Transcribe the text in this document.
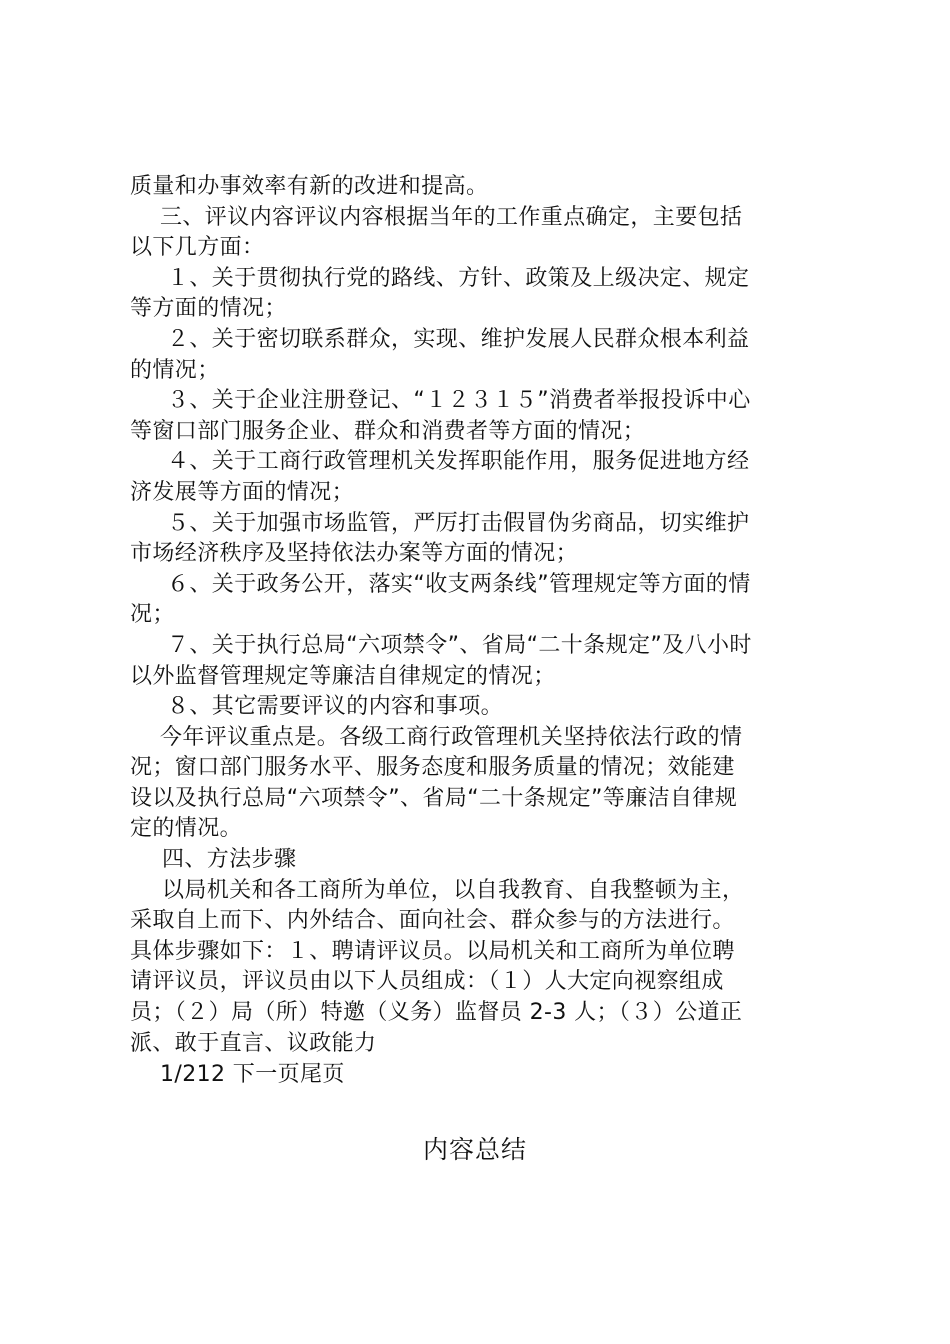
质量和办事效率有新的改进和提高。
三、评议内容评议内容根据当年的工作重点确定，主要包括
以下几方面：
１、关于贯彻执行党的路线、方针、政策及上级决定、规定
等方面的情况；
２、关于密切联系群众，实现、维护发展人民群众根本利益
的情况；
３、关于企业注册登记、“１２３１５”消费者举报投诉中心
等窗口部门服务企业、群众和消费者等方面的情况；
４、关于工商行政管理机关发挥职能作用，服务促进地方经
济发展等方面的情况；
５、关于加强市场监管，严厉打击假冒伪劣商品，切实维护
市场经济秩序及坚持依法办案等方面的情况；
６、关于政务公开，落实“收支两条线”管理规定等方面的情
况；
７、关于执行总局“六项禁令”、省局“二十条规定”及八小时
以外监督管理规定等廉洁自律规定的情况；
８、其它需要评议的内容和事项。
今年评议重点是。各级工商行政管理机关坚持依法行政的情
况；窗口部门服务水平、服务态度和服务质量的情况；效能建
设以及执行总局“六项禁令”、省局“二十条规定”等廉洁自律规
定的情况。
四、方法步骤
以局机关和各工商所为单位，以自我教育、自我整顿为主，
采取自上而下、内外结合、面向社会、群众参与的方法进行。
具体步骤如下：１、聘请评议员。以局机关和工商所为单位聘
请评议员，评议员由以下人员组成：（１）人大定向视察组成
员；（２）局（所）特邀（义务）监督员 2-3 人；（３）公道正
派、敢于直言、议政能力
1/212 下一页尾页
内容总结
